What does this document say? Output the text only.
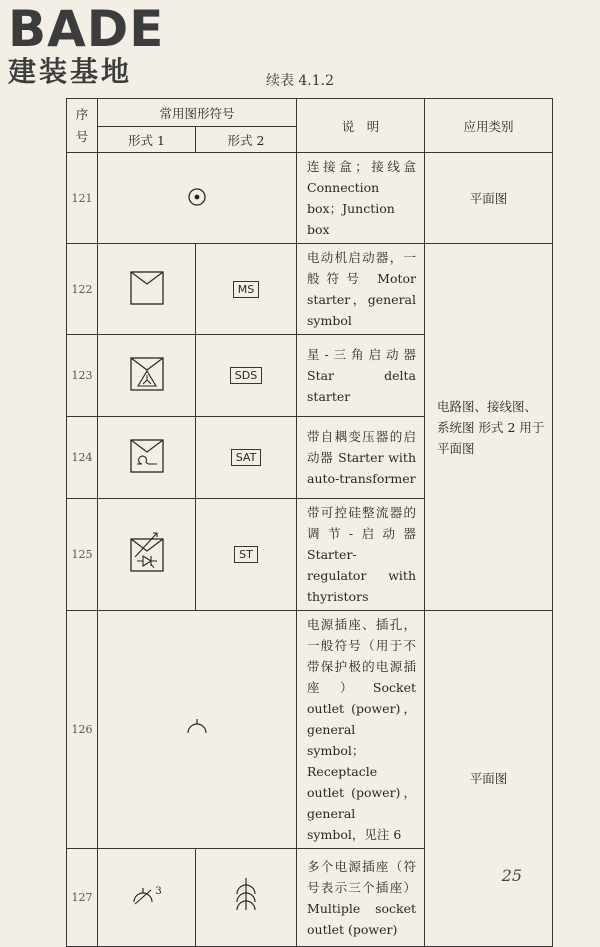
BADE
建装基地	续表 4.1.2
序
号	常用图形符号		说　明	应用类别
	形式 1	形式 2		
121			连接盒；接线盒 Connection box；Junction box	平面图
122		MS	电动机启动器，一般符号 Motor starter，general symbol	电路图、接线图、系统图 形式 2 用于平面图
123		SDS	星-三角启动器 Star delta starter	
124		SAT	带自耦变压器的启动器 Starter with auto-transformer	
125		ST	带可控硅整流器的调节-启动器 Starter-regulator with thyristors	
126			电源插座、插孔，一般符号（用于不带保护极的电源插座）Socket outlet (power)，general symbol；Receptacle outlet (power)，general symbol，见注 6	平面图
127	$^3$		多个电源插座（符号表示三个插座）Multiple socket outlet (power)	
25
